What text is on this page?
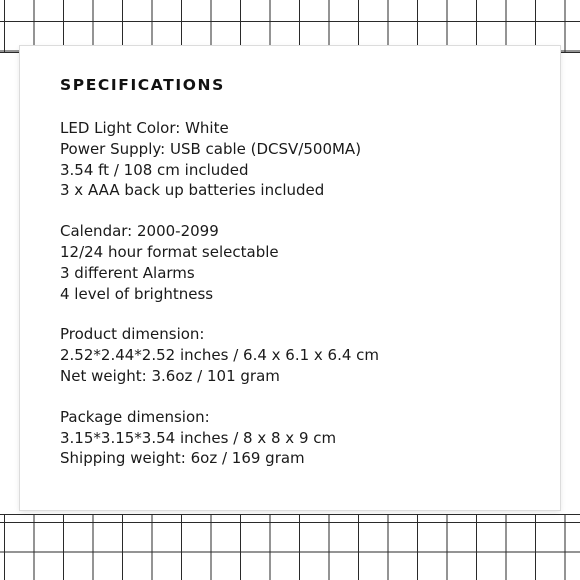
SPECIFICATIONS
LED Light Color: White
Power Supply: USB cable (DCSV/500MA)
3.54 ft / 108 cm included
3 x AAA back up batteries included
Calendar: 2000-2099
12/24 hour format selectable
3 different Alarms
4 level of brightness
Product dimension:
2.52*2.44*2.52 inches / 6.4 x 6.1 x 6.4 cm
Net weight: 3.6oz / 101 gram
Package dimension:
3.15*3.15*3.54 inches / 8 x 8 x 9 cm
Shipping weight: 6oz / 169 gram
